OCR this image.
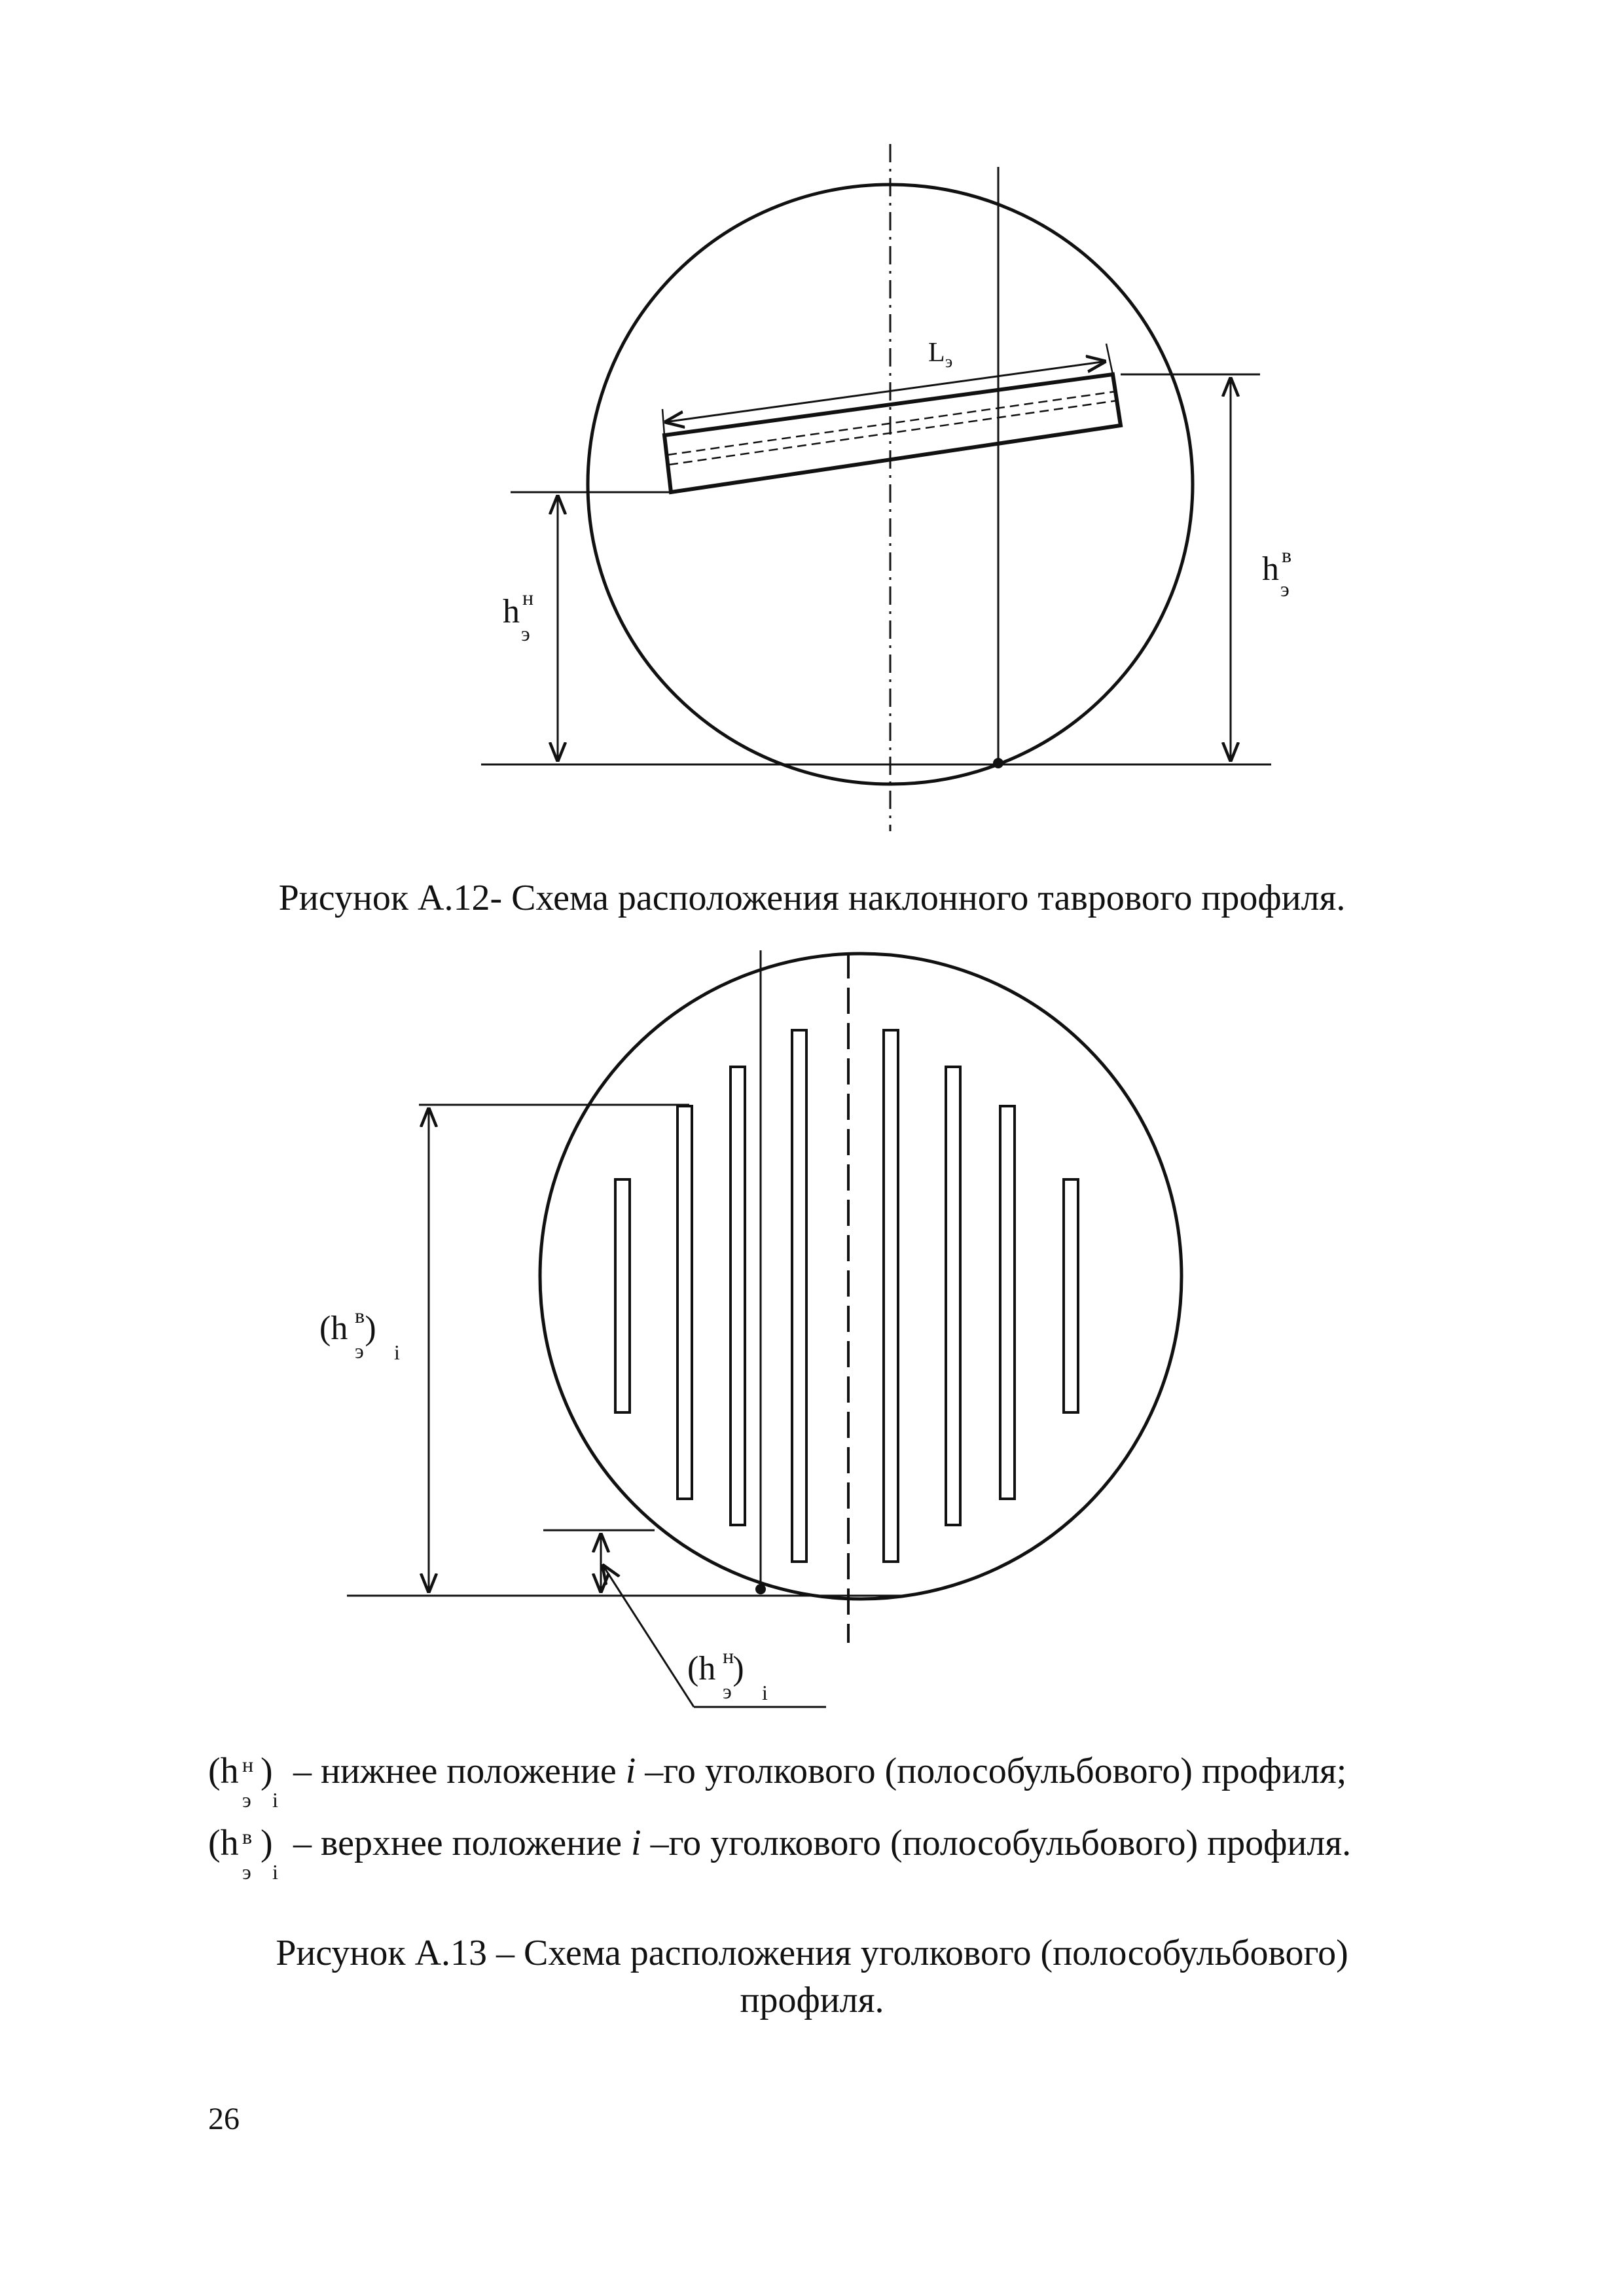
L э
h н
э
h в
э
Рисунок А.12- Схема расположения наклонного таврового профиля.
(h )
в
э i
(h )
н
э i
(h н
э
)
i
– нижнее положение i –го уголкового (полособульбового) профиля;
(h в
э
)
i
– верхнее положение i –го уголкового (полособульбового) профиля.
Рисунок А.13 – Схема расположения уголкового (полособульбового)
профиля.
26
